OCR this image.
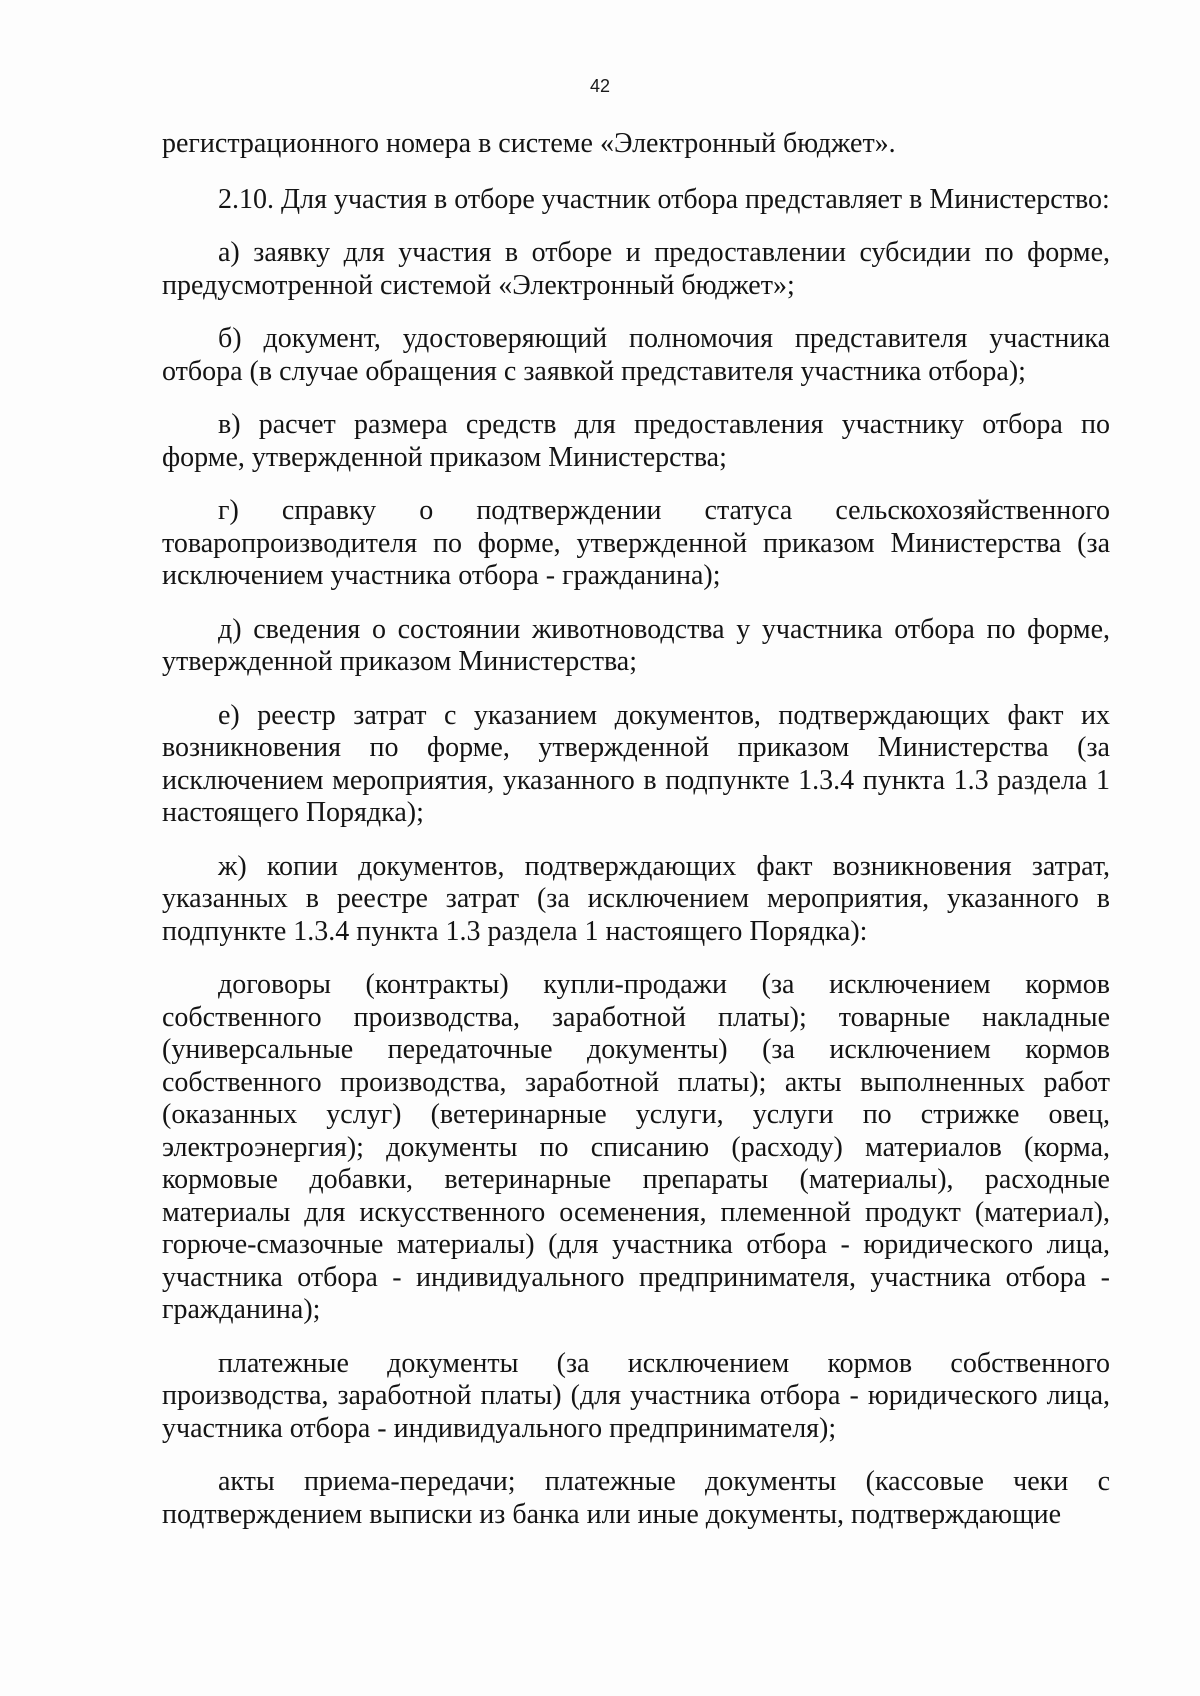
42

регистрационного номера в системе «Электронный бюджет».

2.10. Для участия в отборе участник отбора представляет в Министерство:

а) заявку для участия в отборе и предоставлении субсидии по форме, предусмотренной системой «Электронный бюджет»;

б) документ, удостоверяющий полномочия представителя участника отбора (в случае обращения с заявкой представителя участника отбора);

в) расчет размера средств для предоставления участнику отбора по форме, утвержденной приказом Министерства;

г) справку о подтверждении статуса сельскохозяйственного товаропроизводителя по форме, утвержденной приказом Министерства (за исключением участника отбора - гражданина);

д) сведения о состоянии животноводства у участника отбора по форме, утвержденной приказом Министерства;

е) реестр затрат с указанием документов, подтверждающих факт их возникновения по форме, утвержденной приказом Министерства (за исключением мероприятия, указанного в подпункте 1.3.4 пункта 1.3 раздела 1 настоящего Порядка);

ж) копии документов, подтверждающих факт возникновения затрат, указанных в реестре затрат (за исключением мероприятия, указанного в подпункте 1.3.4 пункта 1.3 раздела 1 настоящего Порядка):

договоры (контракты) купли-продажи (за исключением кормов собственного производства, заработной платы); товарные накладные (универсальные передаточные документы) (за исключением кормов собственного производства, заработной платы); акты выполненных работ (оказанных услуг) (ветеринарные услуги, услуги по стрижке овец, электроэнергия); документы по списанию (расходу) материалов (корма, кормовые добавки, ветеринарные препараты (материалы), расходные материалы для искусственного осеменения, племенной продукт (материал), горюче-смазочные материалы) (для участника отбора - юридического лица, участника отбора - индивидуального предпринимателя, участника отбора - гражданина);

платежные документы (за исключением кормов собственного производства, заработной платы) (для участника отбора - юридического лица, участника отбора - индивидуального предпринимателя);

акты приема-передачи; платежные документы (кассовые чеки с подтверждением выписки из банка или иные документы, подтверждающие
